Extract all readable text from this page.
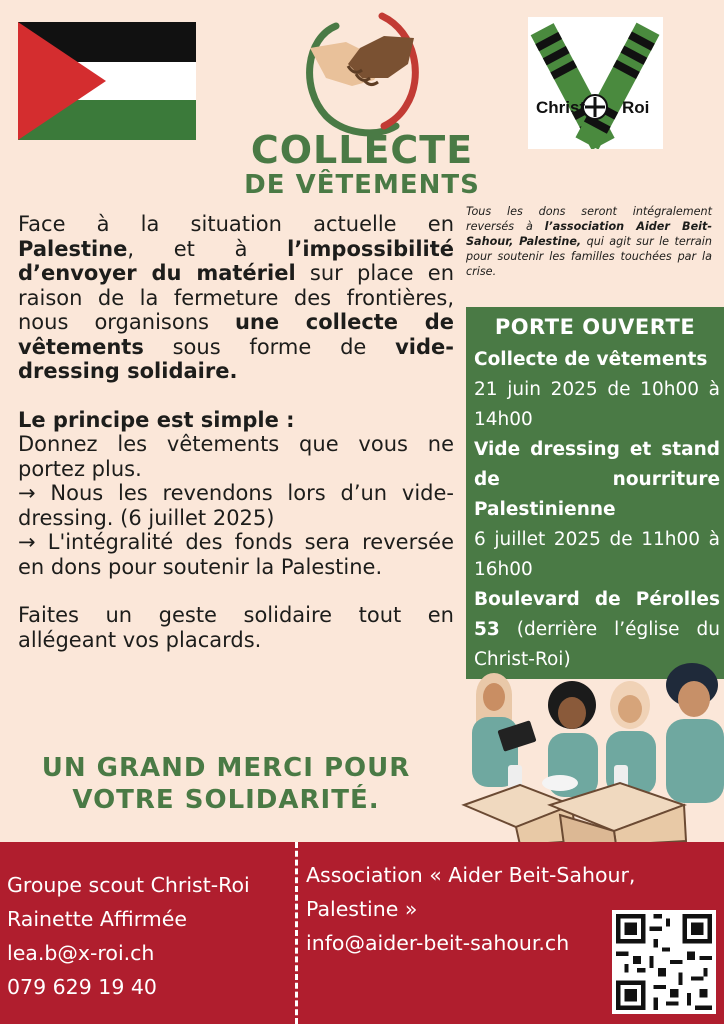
Christ Roi
COLLECTE
DE VÊTEMENTS
Tous les dons seront intégralement reversés à l’association Aider Beit-Sahour, Palestine, qui agit sur le terrain pour soutenir les familles touchées par la crise.

Face à la situation actuelle en Palestine, et à l’impossibilité d’envoyer du matériel sur place en raison de la fermeture des frontières, nous organisons une collecte de vêtements sous forme de vide-dressing solidaire.

Le principe est simple :

Donnez les vêtements que vous ne portez plus.

→ Nous les revendons lors d’un vide-dressing. (6 juillet 2025)

→ L'intégralité des fonds sera reversée en dons pour soutenir la Palestine.

Faites un geste solidaire tout en allégeant vos placards.

PORTE OUVERTE

Collecte de vêtements

21 juin 2025 de 10h00 à 14h00

Vide dressing et stand de nourriture Palestinienne

6 juillet 2025 de 11h00 à 16h00

Boulevard de Pérolles 53 (derrière l’église du Christ-Roi)

UN GRAND MERCI POUR
VOTRE SOLIDARITÉ.
Groupe scout Christ-Roi
Rainette Affirmée
lea.b@x-roi.ch
079 629 19 40
Association « Aider Beit-Sahour,
Palestine »
info@aider-beit-sahour.ch
